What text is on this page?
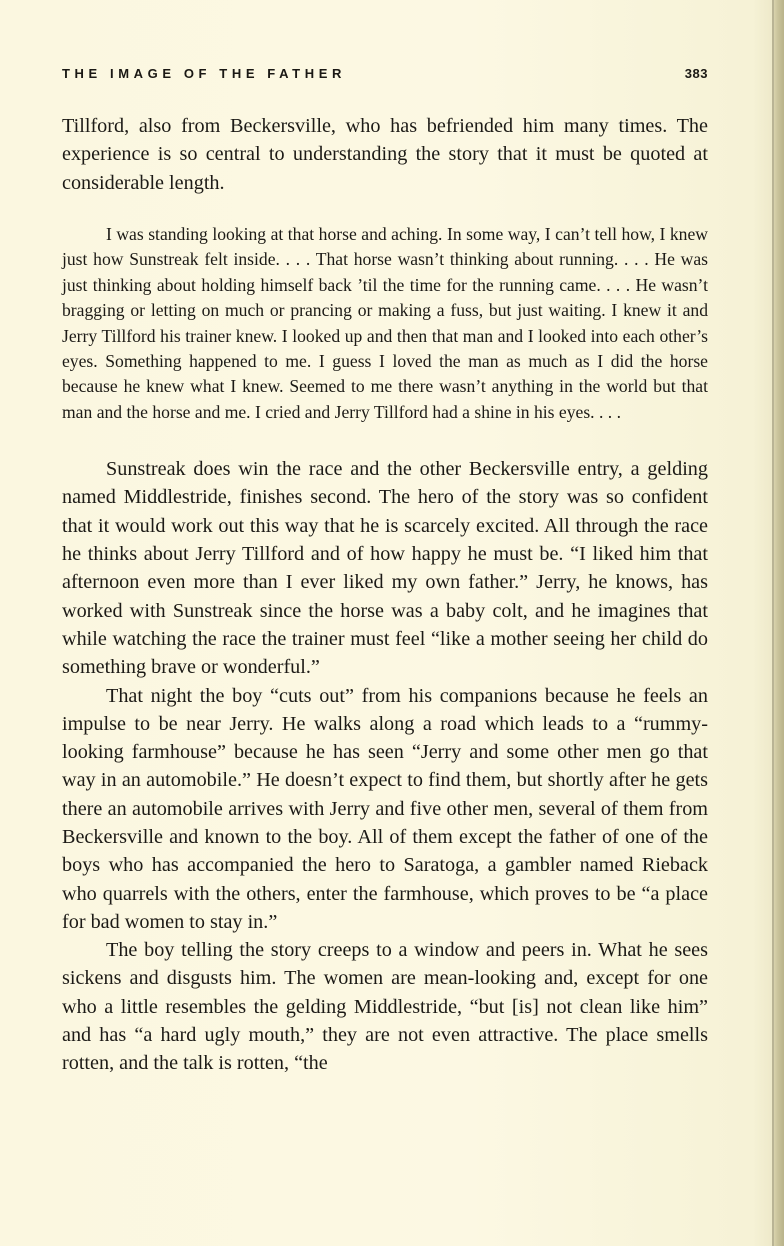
THE IMAGE OF THE FATHER	383

Tillford, also from Beckersville, who has befriended him many times. The experience is so central to understanding the story that it must be quoted at considerable length.

I was standing looking at that horse and aching. In some way, I can’t tell how, I knew just how Sunstreak felt inside. . . . That horse wasn’t thinking about running. . . . He was just thinking about holding himself back ’til the time for the running came. . . . He wasn’t bragging or letting on much or prancing or making a fuss, but just waiting. I knew it and Jerry Tillford his trainer knew. I looked up and then that man and I looked into each other’s eyes. Something happened to me. I guess I loved the man as much as I did the horse because he knew what I knew. Seemed to me there wasn’t anything in the world but that man and the horse and me. I cried and Jerry Tillford had a shine in his eyes. . . .

Sunstreak does win the race and the other Beckersville entry, a gelding named Middlestride, finishes second. The hero of the story was so confident that it would work out this way that he is scarcely excited. All through the race he thinks about Jerry Tillford and of how happy he must be. “I liked him that afternoon even more than I ever liked my own father.” Jerry, he knows, has worked with Sunstreak since the horse was a baby colt, and he imagines that while watching the race the trainer must feel “like a mother seeing her child do something brave or wonderful.”

That night the boy “cuts out” from his companions because he feels an impulse to be near Jerry. He walks along a road which leads to a “rummy-looking farmhouse” because he has seen “Jerry and some other men go that way in an automobile.” He doesn’t expect to find them, but shortly after he gets there an automobile arrives with Jerry and five other men, several of them from Beckersville and known to the boy. All of them except the father of one of the boys who has accompanied the hero to Saratoga, a gambler named Rieback who quarrels with the others, enter the farmhouse, which proves to be “a place for bad women to stay in.”

The boy telling the story creeps to a window and peers in. What he sees sickens and disgusts him. The women are mean-looking and, except for one who a little resembles the gelding Middlestride, “but [is] not clean like him” and has “a hard ugly mouth,” they are not even attractive. The place smells rotten, and the talk is rotten, “the
